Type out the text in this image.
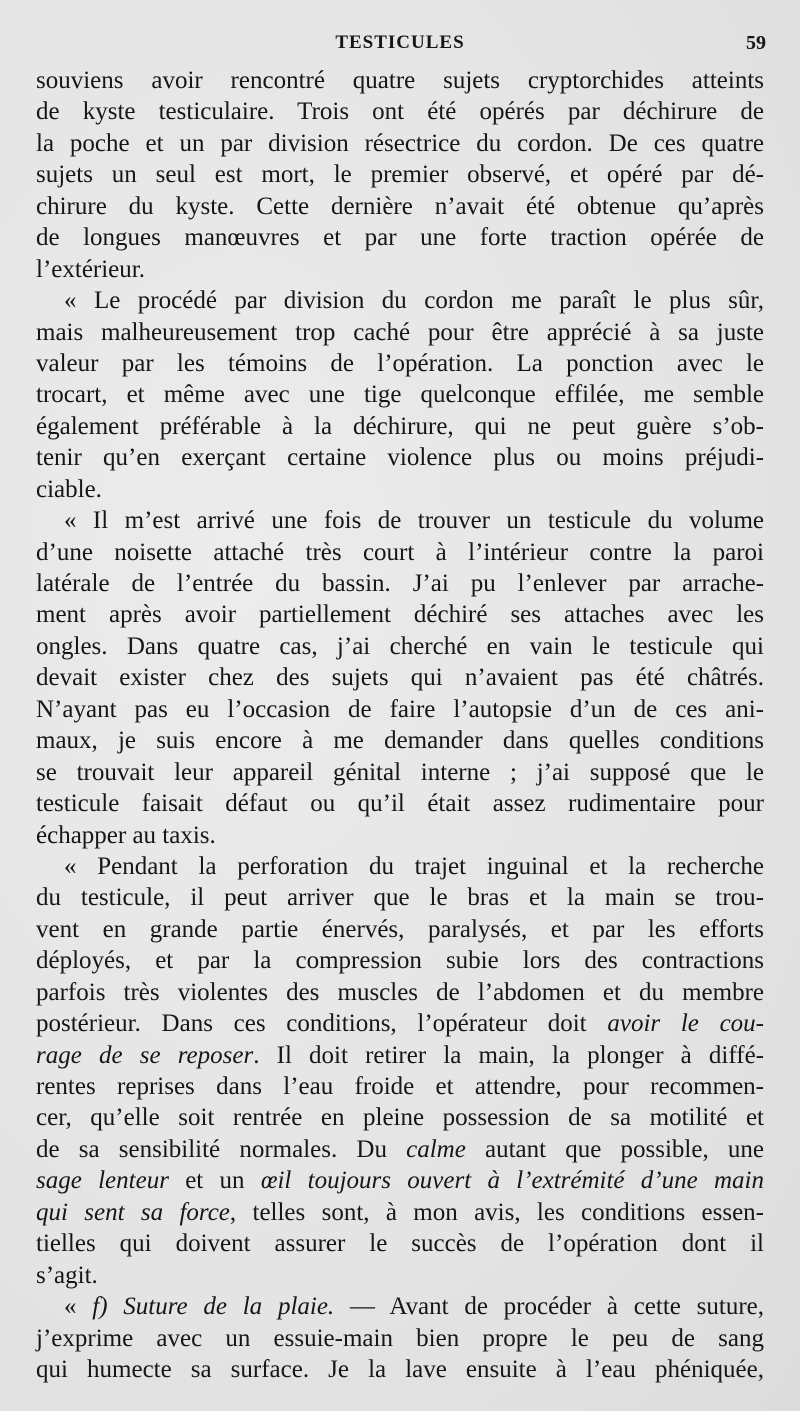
TESTICULES	59
souviens avoir rencontré quatre sujets cryptorchides atteints
de kyste testiculaire. Trois ont été opérés par déchirure de
la poche et un par division résectrice du cordon. De ces quatre
sujets un seul est mort, le premier observé, et opéré par dé-
chirure du kyste. Cette dernière n’avait été obtenue qu’après
de longues manœuvres et par une forte traction opérée de
l’extérieur.
« Le procédé par division du cordon me paraît le plus sûr,
mais malheureusement trop caché pour être apprécié à sa juste
valeur par les témoins de l’opération. La ponction avec le
trocart, et même avec une tige quelconque effilée, me semble
également préférable à la déchirure, qui ne peut guère s’ob-
tenir qu’en exerçant certaine violence plus ou moins préjudi-
ciable.
« Il m’est arrivé une fois de trouver un testicule du volume
d’une noisette attaché très court à l’intérieur contre la paroi
latérale de l’entrée du bassin. J’ai pu l’enlever par arrache-
ment après avoir partiellement déchiré ses attaches avec les
ongles. Dans quatre cas, j’ai cherché en vain le testicule qui
devait exister chez des sujets qui n’avaient pas été châtrés.
N’ayant pas eu l’occasion de faire l’autopsie d’un de ces ani-
maux, je suis encore à me demander dans quelles conditions
se trouvait leur appareil génital interne ; j’ai supposé que le
testicule faisait défaut ou qu’il était assez rudimentaire pour
échapper au taxis.
« Pendant la perforation du trajet inguinal et la recherche
du testicule, il peut arriver que le bras et la main se trou-
vent en grande partie énervés, paralysés, et par les efforts
déployés, et par la compression subie lors des contractions
parfois très violentes des muscles de l’abdomen et du membre
postérieur. Dans ces conditions, l’opérateur doit avoir le cou-
rage de se reposer. Il doit retirer la main, la plonger à diffé-
rentes reprises dans l’eau froide et attendre, pour recommen-
cer, qu’elle soit rentrée en pleine possession de sa motilité et
de sa sensibilité normales. Du calme autant que possible, une
sage lenteur et un œil toujours ouvert à l’extrémité d’une main
qui sent sa force, telles sont, à mon avis, les conditions essen-
tielles qui doivent assurer le succès de l’opération dont il
s’agit.
« f) Suture de la plaie. — Avant de procéder à cette suture,
j’exprime avec un essuie-main bien propre le peu de sang
qui humecte sa surface. Je la lave ensuite à l’eau phéniquée,
